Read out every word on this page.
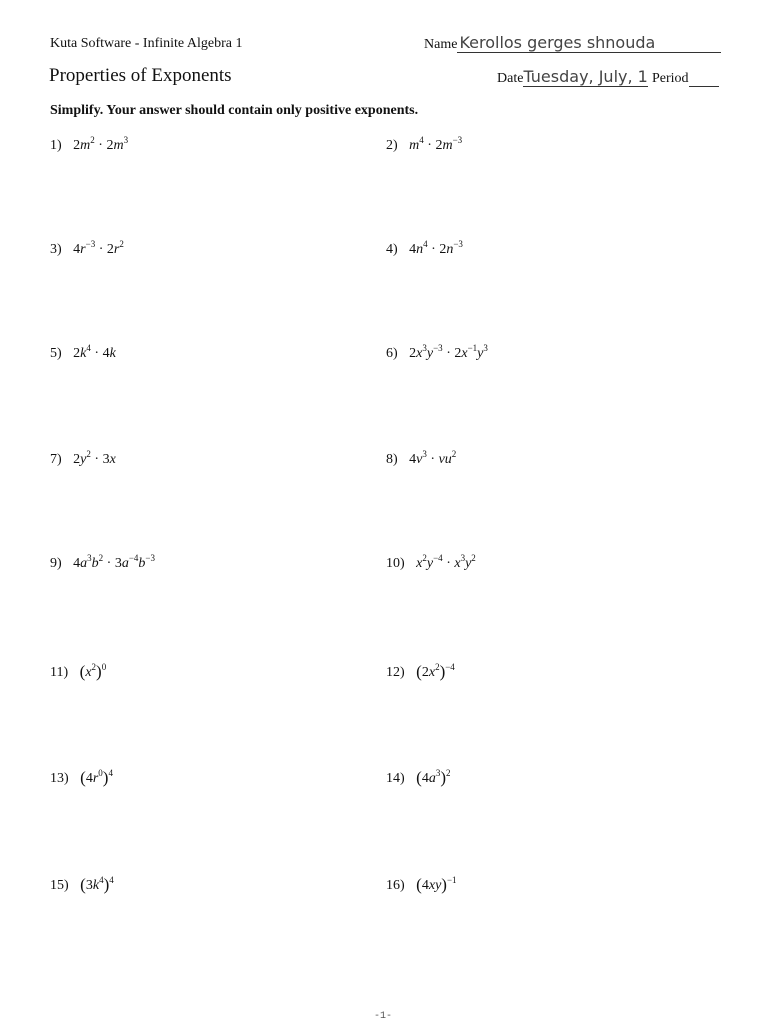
Kuta Software - Infinite Algebra 1
Properties of Exponents
Name Kerollos gerges shnouda
DateTuesday, July, 1 Period
Simplify. Your answer should contain only positive exponents.
1) $2m^2 \cdot 2m^3$	2) $m^4 \cdot 2m^{-3}$
3) $4r^{-3} \cdot 2r^2$	4) $4n^4 \cdot 2n^{-3}$
5) $2k^4 \cdot 4k$	6) $2x^3y^{-3} \cdot 2x^{-1}y^3$
7) $2y^2 \cdot 3x$	8) $4v^3 \cdot vu^2$
9) $4a^3b^2 \cdot 3a^{-4}b^{-3}$	10) $x^2y^{-4} \cdot x^3y^2$
11) $(x^2)^0$	12) $(2x^2)^{-4}$
13) $(4r^0)^4$	14) $(4a^3)^2$
15) $(3k^4)^4$	16) $(4xy)^{-1}$
-1-
